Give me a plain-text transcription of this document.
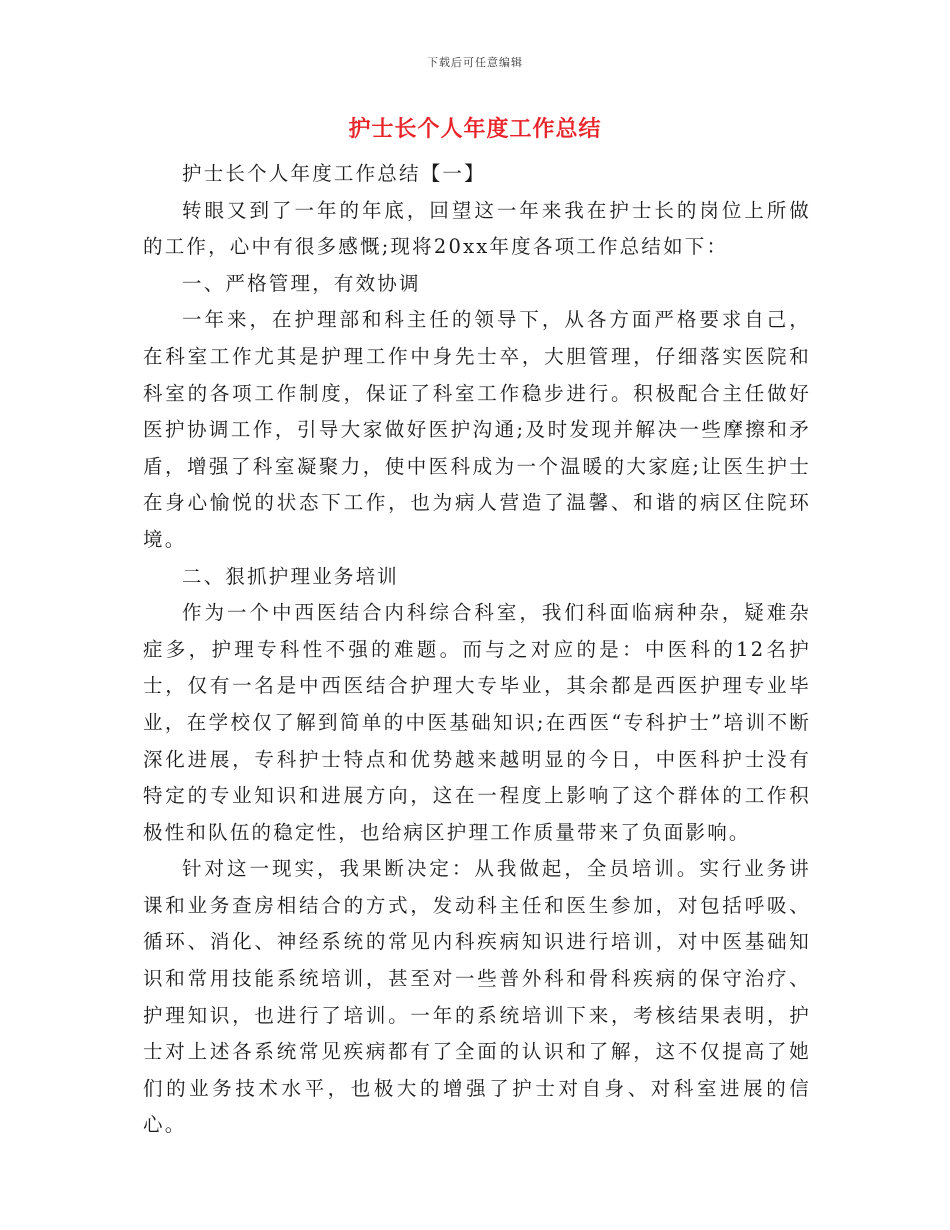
下载后可任意编辑
护士长个人年度工作总结

护士长个人年度工作总结【一】

转眼又到了一年的年底，回望这一年来我在护士长的岗位上所做的工作，心中有很多感慨;现将20xx年度各项工作总结如下：

一、严格管理，有效协调

一年来，在护理部和科主任的领导下，从各方面严格要求自己，在科室工作尤其是护理工作中身先士卒，大胆管理，仔细落实医院和科室的各项工作制度，保证了科室工作稳步进行。积极配合主任做好医护协调工作，引导大家做好医护沟通;及时发现并解决一些摩擦和矛盾，增强了科室凝聚力，使中医科成为一个温暖的大家庭;让医生护士在身心愉悦的状态下工作，也为病人营造了温馨、和谐的病区住院环境。

二、狠抓护理业务培训

作为一个中西医结合内科综合科室，我们科面临病种杂，疑难杂症多，护理专科性不强的难题。而与之对应的是：中医科的12名护士，仅有一名是中西医结合护理大专毕业，其余都是西医护理专业毕业，在学校仅了解到简单的中医基础知识;在西医“专科护士”培训不断深化进展，专科护士特点和优势越来越明显的今日，中医科护士没有特定的专业知识和进展方向，这在一程度上影响了这个群体的工作积极性和队伍的稳定性，也给病区护理工作质量带来了负面影响。

针对这一现实，我果断决定：从我做起，全员培训。实行业务讲课和业务查房相结合的方式，发动科主任和医生参加，对包括呼吸、循环、消化、神经系统的常见内科疾病知识进行培训，对中医基础知识和常用技能系统培训，甚至对一些普外科和骨科疾病的保守治疗、护理知识，也进行了培训。一年的系统培训下来，考核结果表明，护士对上述各系统常见疾病都有了全面的认识和了解，这不仅提高了她们的业务技术水平，也极大的增强了护士对自身、对科室进展的信心。
